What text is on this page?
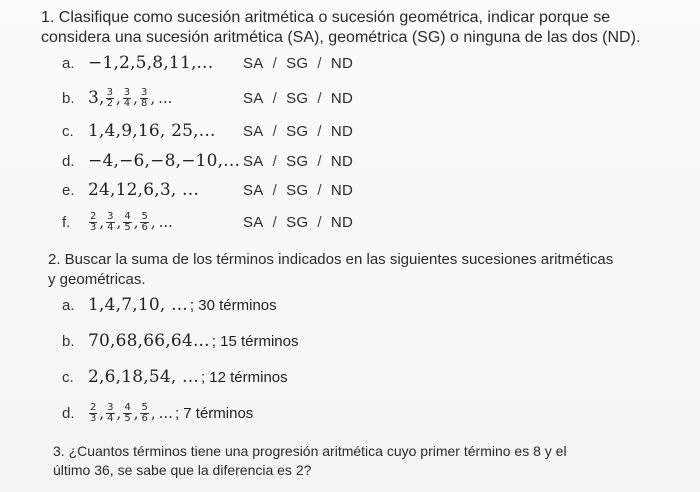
1. Clasifique como sucesión aritmética o sucesión geométrica, indicar porque se
considera una sucesión aritmética (SA), geométrica (SG) o ninguna de las dos (ND).
a. −1,2,5,8,11,... SA / SG / ND
b. 3, $\frac{3}{2}$ , $\frac{3}{4}$ , $\frac{3}{8}$ , ...	SA / SG / ND
c. 1,4,9,16, 25,... SA / SG / ND
d. −4,−6,−8,−10,... SA / SG / ND
e. 24,12,6,3, ...	SA / SG / ND
f.	$\frac{2}{3}$ , $\frac{3}{4}$ , $\frac{4}{5}$ , $\frac{5}{6}$ , ...	SA / SG / ND
2. Buscar la suma de los términos indicados en las siguientes sucesiones aritméticas
y geométricas.
a. 1,4,7,10, ... ; 30 términos
b. 70,68,66,64... ; 15 términos
c. 2,6,18,54, ... ; 12 términos
d.	$\frac{2}{3}$ , $\frac{3}{4}$ , $\frac{4}{5}$ , $\frac{5}{6}$ , ... ; 7 términos
3. ¿Cuantos términos tiene una progresión aritmética cuyo primer término es 8 y el
último 36, se sabe que la diferencia es 2?
